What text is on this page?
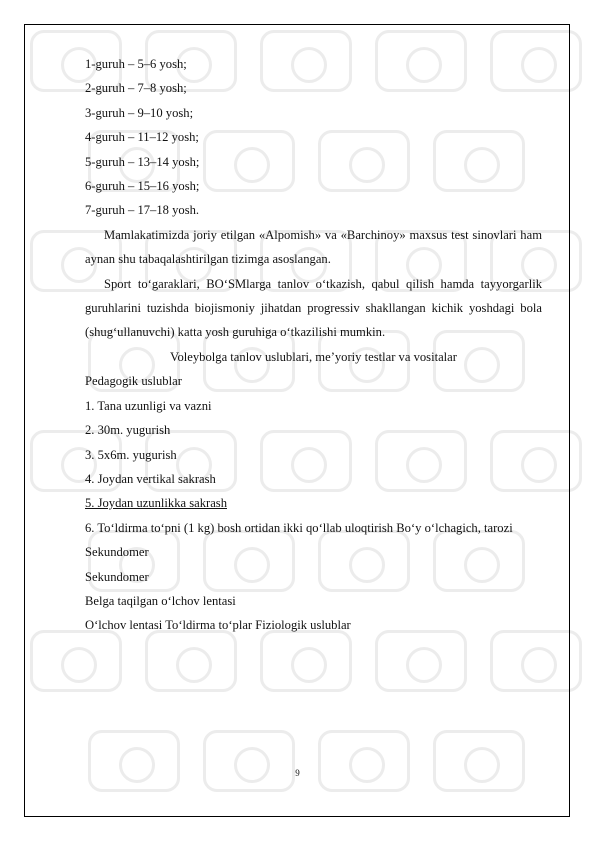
1-guruh – 5–6 yosh;
2-guruh – 7–8 yosh;
3-guruh – 9–10 yosh;
4-guruh – 11–12 yosh;
5-guruh – 13–14 yosh;
6-guruh – 15–16 yosh;
7-guruh – 17–18 yosh.
Mamlakatimizda joriy etilgan «Alpomish» va «Barchinoy» maxsus test sinovlari ham aynan shu tabaqalashtirilgan tizimga asoslangan.
Sport to‘garaklari, BO‘SMlarga tanlov o‘tkazish, qabul qilish hamda tayyorgarlik guruhlarini tuzishda biojismoniy jihatdan progressiv shakllangan kichik yoshdagi bola (shug‘ullanuvchi) katta yosh guruhiga o‘tkazilishi mumkin.
Voleybolga tanlov uslublari, me’yoriy testlar va vositalar
Pedagogik uslublar
1. Tana uzunligi va vazni
2. 30m. yugurish
3. 5x6m. yugurish
4. Joydan vertikal sakrash
5. Joydan uzunlikka sakrash
6. To‘ldirma to‘pni (1 kg) bosh ortidan ikki qo‘llab uloqtirish Bo‘y o‘lchagich, tarozi
Sekundomer
Sekundomer
Belga taqilgan o‘lchov lentasi
O‘lchov lentasi To‘ldirma to‘plar Fiziologik uslublar
9
